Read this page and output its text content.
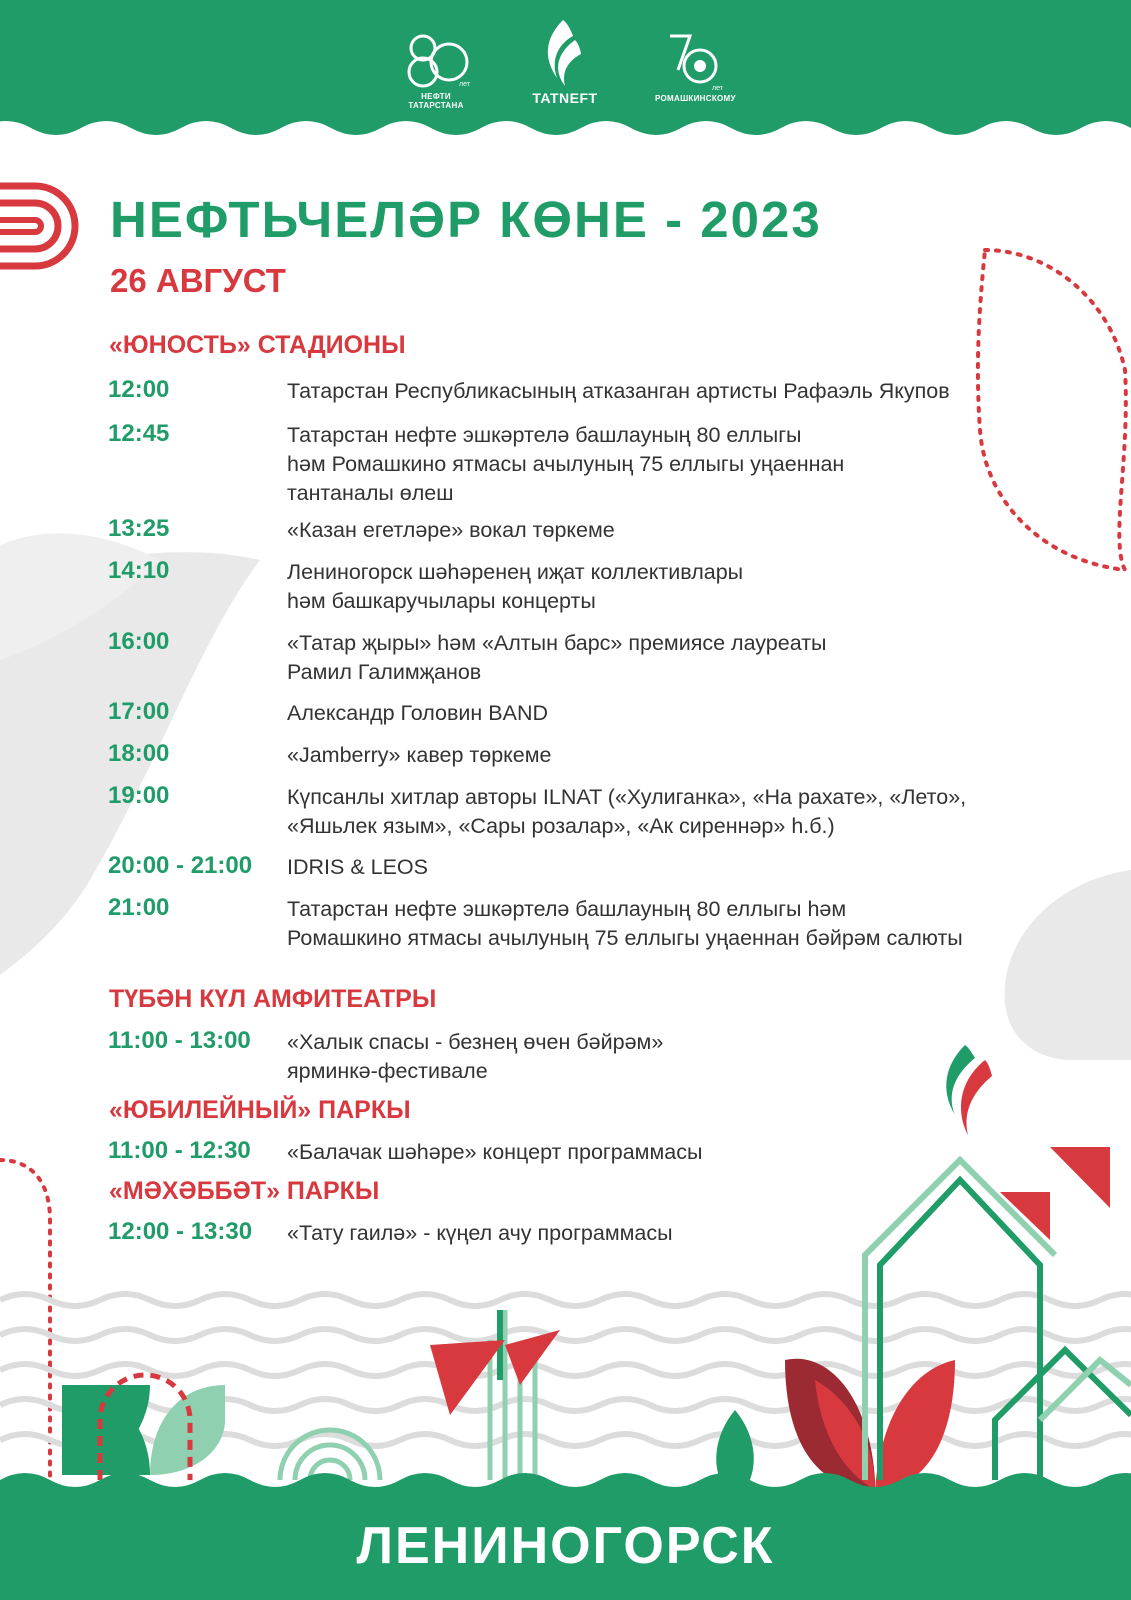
лет
НЕФТИ ТАТАРСТАНА	TATNEFT
лет
РОМАШКИНСКОМУ
НЕФТЬЧЕЛӘР КӨНЕ - 2023
26 АВГУСТ
«ЮНОСТЬ» СТАДИОНЫ
12:00	Татарстан Республикасының атказанган артисты Рафаэль Якупов
12:45	Татарстан нефте эшкәртелә башлауның 80 еллыгы
һәм Ромашкино ятмасы ачылуның 75 еллыгы уңаеннан
тантаналы өлеш
13:25	«Казан егетләре» вокал төркеме
14:10	Лениногорск шәһәренең иҗат коллективлары
һәм башкаручылары концерты
16:00	«Татар җыры» һәм «Алтын барс» премиясе лауреаты
Рамил Галимҗанов
17:00	Александр Головин BAND
18:00	«Jamberry» кавер төркеме
19:00	Күпсанлы хитлар авторы ILNAT («Хулиганка», «На рахате», «Лето»,
«Яшьлек язым», «Сары розалар», «Ак сиреннәр» һ.б.)
20:00 - 21:00 IDRIS & LEOS
21:00	Татарстан нефте эшкәртелә башлауның 80 еллыгы һәм
Ромашкино ятмасы ачылуның 75 еллыгы уңаеннан бәйрәм салюты
ТҮБӘН КҮЛ АМФИТЕАТРЫ
11:00 - 13:00 «Халык спасы - безнең өчен бәйрәм»
ярминкә-фестивале
«ЮБИЛЕЙНЫЙ» ПАРКЫ
11:00 - 12:30 «Балачак шәһәре» концерт программасы
«МӘХӘББӘТ» ПАРКЫ
12:00 - 13:30 «Тату гаилә» - күңел ачу программасы
ЛЕНИНОГОРСК
